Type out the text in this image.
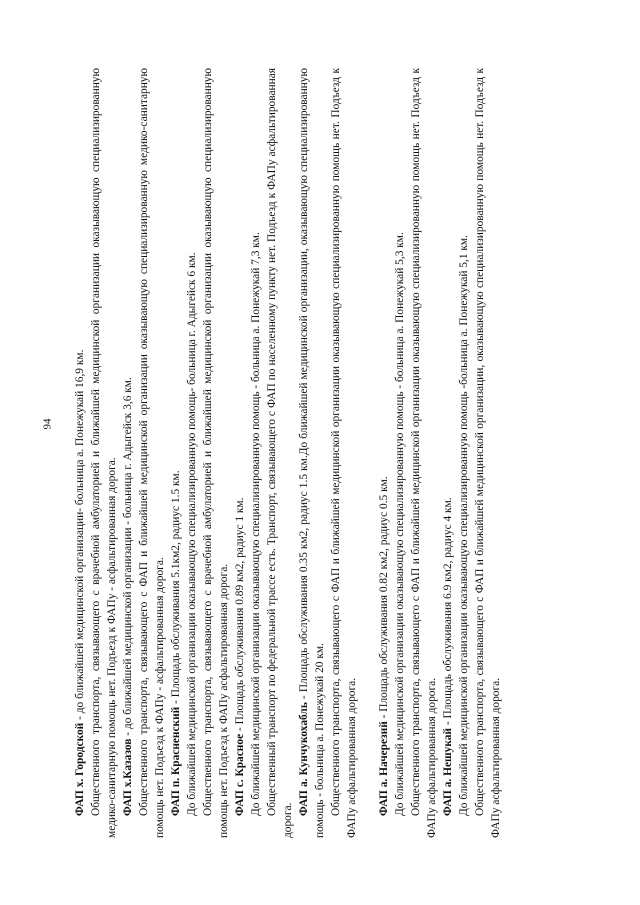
94

ФАП х. Городской - до ближайшей медицинской организации- больница а. Понежукай 16,9 км. Общественного транспорта, связывающего с врачебной амбулаторией и ближайшей медицинской организации оказывающую специализированную медико-санитарную помощь нет. Подъезд к ФАПу - асфальтированная дорога. ФАП х.Казазов - до ближайшей медицинской организации - больница г. Адыгейск 3,6 км. Общественного транспорта, связывающего с ФАП и ближайшей медицинской организации оказывающую специализированную медико-санитарную помощь нет. Подъезд к ФАПу - асфальтированная дорога. ФАП п. Красненский - Площадь обслуживания 5.1км2, радиус 1.5 км. До ближайшей медицинской организации оказывающую специализированную помощь- больница г. Адыгейск 6 км. Общественного транспорта, связывающего с врачебной амбулаторией и ближайшей медицинской организации оказывающую специализированную помощь нет. Подъезд к ФАПу асфальтированная дорога. ФАП с. Красное - Площадь обслуживания 0.89 км2, радиус 1 км. До ближайшей медицинской организации оказывающую специализированную помощь - больница а. Понежукай 7,3 км. Общественный транспорт по федеральной трассе есть. Транспорт, связывающего с ФАП по населенному пункту нет. Подъезд к ФАПу асфальтированная дорога.

ФАП а. Кунчукохабль - Площадь обслуживания 0.35 км2, радиус 1.5 км.До ближайшей медицинской организации, оказывающую специализированную помощь - больница а. Понежукай 20 км. Общественного транспорта, связывающего с ФАП и ближайшей медицинской организации оказывающую специализированную помощь нет. Подъезд к ФАПу асфальтированная дорога. ФАП а. Начерезий - Площадь обслуживания 0.82 км2, радиус 0.5 км. До ближайшей медицинской организации оказывающую специализированную помощь - больница а. Понежукай 5,3 км. Общественного транспорта, связывающего с ФАП и ближайшей медицинской организации оказывающую специализированную помощь нет. Подъезд к ФАПу асфальтированная дорога. ФАП а. Нешукай - Площадь обслуживания 6.9 км2, радиус 4 км. До ближайшей медицинской организации оказывающую специализированную помощь -больница а. Понежукай 5,1 км. Общественного транспорта, связывающего с ФАП и ближайшей медицинской организации, оказывающую специализированную помощь нет. Подъезд к ФАПу асфальтированная дорога.
